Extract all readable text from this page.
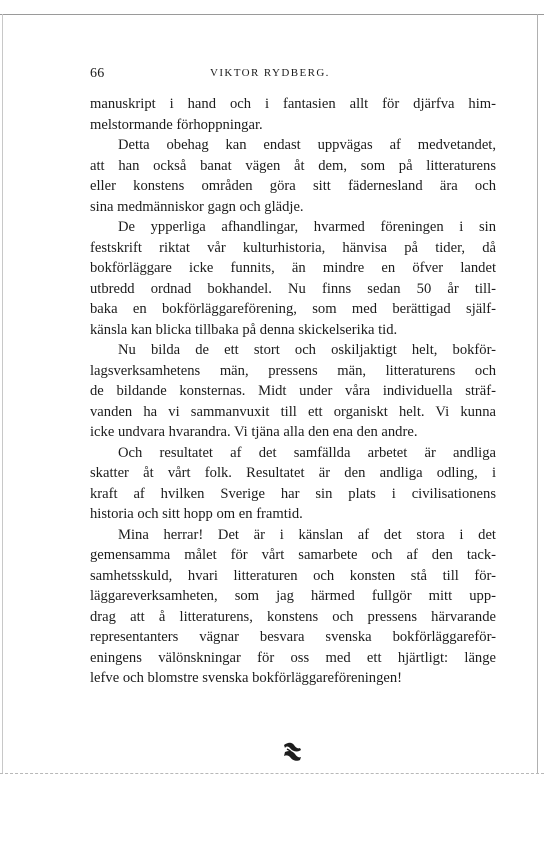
66	VIKTOR RYDBERG.
manuskript i hand och i fantasien allt för djärfva him-
melstormande förhoppningar.
Detta obehag kan endast uppvägas af medvetandet,
att han också banat vägen åt dem, som på litteraturens
eller konstens områden göra sitt fädernesland ära och
sina medmänniskor gagn och glädje.
De ypperliga afhandlingar, hvarmed föreningen i sin
festskrift riktat vår kulturhistoria, hänvisa på tider, då
bokförläggare icke funnits, än mindre en öfver landet
utbredd ordnad bokhandel. Nu finns sedan 50 år till-
baka en bokförläggareförening, som med berättigad själf-
känsla kan blicka tillbaka på denna skickelserika tid.
Nu bilda de ett stort och oskiljaktigt helt, bokför-
lagsverksamhetens män, pressens män, litteraturens och
de bildande konsternas. Midt under våra individuella sträf-
vanden ha vi sammanvuxit till ett organiskt helt. Vi kunna
icke undvara hvarandra. Vi tjäna alla den ena den andre.
Och resultatet af det samfällda arbetet är andliga
skatter åt vårt folk. Resultatet är den andliga odling, i
kraft af hvilken Sverige har sin plats i civilisationens
historia och sitt hopp om en framtid.
Mina herrar! Det är i känslan af det stora i det
gemensamma målet för vårt samarbete och af den tack-
samhetsskuld, hvari litteraturen och konsten stå till för-
läggareverksamheten, som jag härmed fullgör mitt upp-
drag att å litteraturens, konstens och pressens härvarande
representanters vägnar besvara svenska bokförläggareför-
eningens välönskningar för oss med ett hjärtligt: länge
lefve och blomstre svenska bokförläggareföreningen!
